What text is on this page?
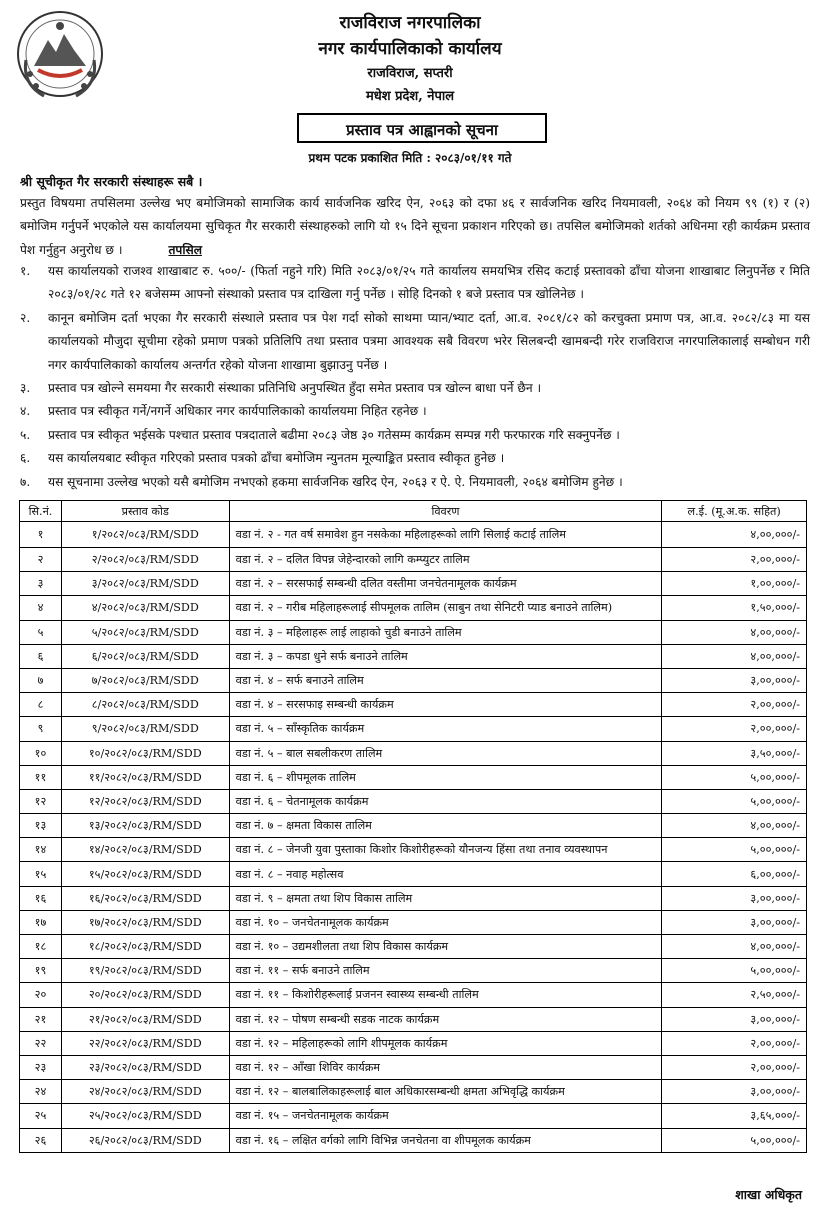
राजविराज नगरपालिका
नगर कार्यपालिकाको कार्यालय
राजविराज, सप्तरी
मधेश प्रदेश, नेपाल
प्रस्ताव पत्र आह्वानको सूचना
प्रथम पटक प्रकाशित मिति : २०८३/०१/११ गते
श्री सूचीकृत गैर सरकारी संस्थाहरू सबै ।
प्रस्तुत विषयमा तपसिलमा उल्लेख भए बमोजिमको सामाजिक कार्य सार्वजनिक खरिद ऐन, २०६३ को दफा ४६ र सार्वजनिक खरिद नियमावली, २०६४ को नियम ९९ (१) र (२) बमोजिम गर्नुपर्ने भएकोले यस कार्यालयमा सुचिकृत गैर सरकारी संस्थाहरुको लागि यो १५ दिने सूचना प्रकाशन गरिएको छ। तपसिल बमोजिमको शर्तको अधिनमा रही कार्यक्रम प्रस्ताव पेश गर्नुहुन अनुरोध छ ।	तपसिल
१.	यस कार्यालयको राजश्व शाखाबाट रु. ५००/- (फिर्ता नहुने गरि) मिति २०८३/०१/२५ गते कार्यालय समयभित्र रसिद कटाई प्रस्तावको ढाँचा योजना शाखाबाट लिनुपर्नेछ र मिति २०८३/०१/२८ गते १२ बजेसम्म आफ्नो संस्थाको प्रस्ताव पत्र दाखिला गर्नु पर्नेछ । सोहि दिनको १ बजे प्रस्ताव पत्र खोलिनेछ ।
२.	कानून बमोजिम दर्ता भएका गैर सरकारी संस्थाले प्रस्ताव पत्र पेश गर्दा सोको साथमा प्यान/भ्याट दर्ता, आ.व. २०८१/८२ को करचुक्ता प्रमाण पत्र, आ.व. २०८२/८३ मा यस कार्यालयको मौजुदा सूचीमा रहेको प्रमाण पत्रको प्रतिलिपि तथा प्रस्ताव पत्रमा आवश्यक सबै विवरण भरेर सिलबन्दी खामबन्दी गरेर राजविराज नगरपालिकालाई सम्बोधन गरी नगर कार्यपालिकाको कार्यालय अन्तर्गत रहेको योजना शाखामा बुझाउनु पर्नेछ ।
३.	प्रस्ताव पत्र खोल्ने समयमा गैर सरकारी संस्थाका प्रतिनिधि अनुपस्थित हुँदा समेत प्रस्ताव पत्र खोल्न बाधा पर्ने छैन ।
४.	प्रस्ताव पत्र स्वीकृत गर्ने/नगर्ने अधिकार नगर कार्यपालिकाको कार्यालयमा निहित रहनेछ ।
५.	प्रस्ताव पत्र स्वीकृत भईसके पश्चात प्रस्ताव पत्रदाताले बढीमा २०८३ जेष्ठ ३० गतेसम्म कार्यक्रम सम्पन्न गरी फरफारक गरि सक्नुपर्नेछ ।
६.	यस कार्यालयबाट स्वीकृत गरिएको प्रस्ताव पत्रको ढाँचा बमोजिम न्युनतम मूल्याङ्कित प्रस्ताव स्वीकृत हुनेछ ।
७.	यस सूचनामा उल्लेख भएको यसै बमोजिम नभएको हकमा सार्वजनिक खरिद ऐन, २०६३ र ऐ. ऐ. नियमावली, २०६४ बमोजिम हुनेछ ।
सि.नं.	प्रस्ताव कोड	विवरण	ल.ई. (मू.अ.क. सहित)
१	१/२०८२/०८३/RM/SDD	वडा नं. २ - गत वर्ष समावेश हुन नसकेका महिलाहरूको लागि सिलाई कटाई तालिम	४,००,०००/-
२	२/२०८२/०८३/RM/SDD	वडा नं. २ – दलित विपन्न जेहेन्दारको लागि कम्प्युटर तालिम	२,००,०००/-
३	३/२०८२/०८३/RM/SDD	वडा नं. २ – सरसफाई सम्बन्धी दलित वस्तीमा जनचेतनामूलक कार्यक्रम	१,००,०००/-
४	४/२०८२/०८३/RM/SDD	वडा नं. २ – गरीब महिलाहरूलाई सीपमूलक तालिम (साबुन तथा सेनिटरी प्याड बनाउने तालिम)	१,५०,०००/-
५	५/२०८२/०८३/RM/SDD	वडा नं. ३ – महिलाहरू लाई लाहाको चुडी बनाउने तालिम	४,००,०००/-
६	६/२०८२/०८३/RM/SDD	वडा नं. ३ – कपडा धुने सर्फ बनाउने तालिम	४,००,०००/-
७	७/२०८२/०८३/RM/SDD	वडा नं. ४ – सर्फ बनाउने तालिम	३,००,०००/-
८	८/२०८२/०८३/RM/SDD	वडा नं. ४ – सरसफाइ सम्बन्धी कार्यक्रम	२,००,०००/-
९	९/२०८२/०८३/RM/SDD	वडा नं. ५ – साँस्कृतिक कार्यक्रम	२,००,०००/-
१०	१०/२०८२/०८३/RM/SDD	वडा नं. ५ – बाल सबलीकरण तालिम	३,५०,०००/-
११	११/२०८२/०८३/RM/SDD	वडा नं. ६ – शीपमूलक तालिम	५,००,०००/-
१२	१२/२०८२/०८३/RM/SDD	वडा नं. ६ – चेतनामूलक कार्यक्रम	५,००,०००/-
१३	१३/२०८२/०८३/RM/SDD	वडा नं. ७ – क्षमता विकास तालिम	४,००,०००/-
१४	१४/२०८२/०८३/RM/SDD	वडा नं. ८ – जेनजी युवा पुस्ताका किशोर किशोरीहरूको यौनजन्य हिंसा तथा तनाव व्यवस्थापन	५,००,०००/-
१५	१५/२०८२/०८३/RM/SDD	वडा नं. ८ – नवाह महोत्सव	६,००,०००/-
१६	१६/२०८२/०८३/RM/SDD	वडा नं. ९ – क्षमता तथा शिप विकास तालिम	३,००,०००/-
१७	१७/२०८२/०८३/RM/SDD	वडा नं. १० – जनचेतनामूलक कार्यक्रम	३,००,०००/-
१८	१८/२०८२/०८३/RM/SDD	वडा नं. १० – उद्यमशीलता तथा शिप विकास कार्यक्रम	४,००,०००/-
१९	१९/२०८२/०८३/RM/SDD	वडा नं. ११ – सर्फ बनाउने तालिम	५,००,०००/-
२०	२०/२०८२/०८३/RM/SDD	वडा नं. ११ – किशोरीहरूलाई प्रजनन स्वास्थ्य सम्बन्धी तालिम	२,५०,०००/-
२१	२१/२०८२/०८३/RM/SDD	वडा नं. १२ – पोषण सम्बन्धी सडक नाटक कार्यक्रम	३,००,०००/-
२२	२२/२०८२/०८३/RM/SDD	वडा नं. १२ – महिलाहरूको लागि शीपमूलक कार्यक्रम	२,००,०००/-
२३	२३/२०८२/०८३/RM/SDD	वडा नं. १२ – आँखा शिविर कार्यक्रम	२,००,०००/-
२४	२४/२०८२/०८३/RM/SDD	वडा नं. १२ – बालबालिकाहरूलाई बाल अधिकारसम्बन्धी क्षमता अभिवृद्धि कार्यक्रम	३,००,०००/-
२५	२५/२०८२/०८३/RM/SDD	वडा नं. १५ – जनचेतनामूलक कार्यक्रम	३,६५,०००/-
२६	२६/२०८२/०८३/RM/SDD	वडा नं. १६ – लक्षित वर्गको लागि विभिन्न जनचेतना वा शीपमूलक कार्यक्रम	५,००,०००/-
शाखा अधिकृत
